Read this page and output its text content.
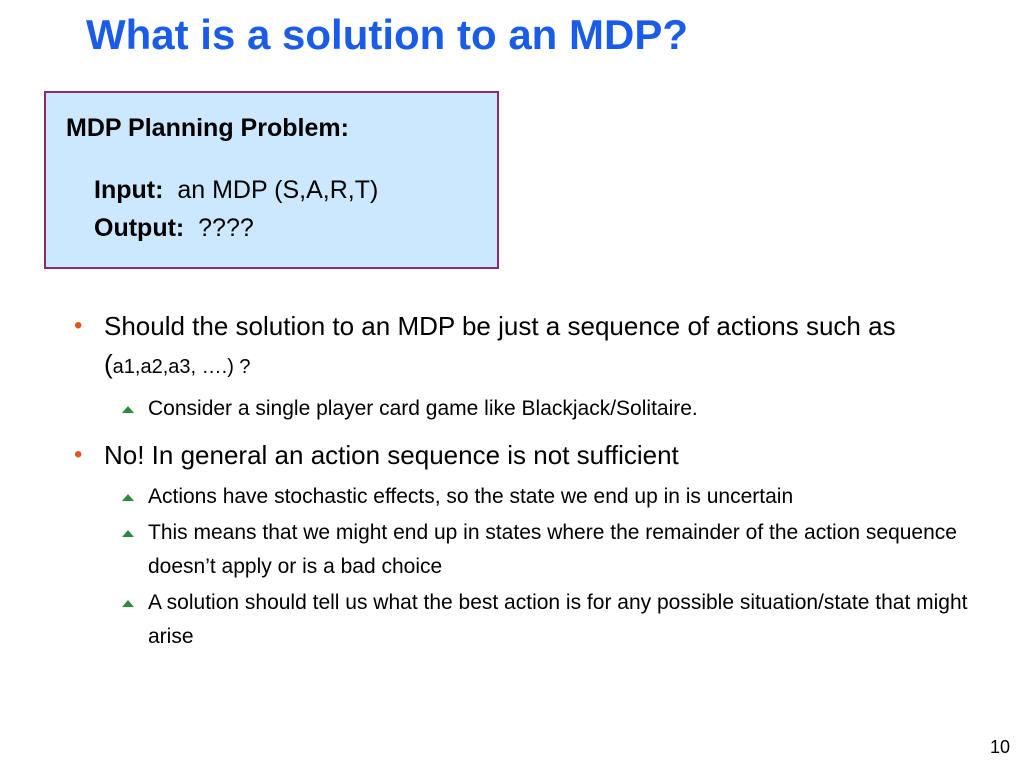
What is a solution to an MDP?
MDP Planning Problem:
Input: an MDP (S,A,R,T)
Output: ????
• Should the solution to an MDP be just a sequence of actions such as (a1,a2,a3, ….) ?
Consider a single player card game like Blackjack/Solitaire.
• No! In general an action sequence is not sufficient
Actions have stochastic effects, so the state we end up in is uncertain
This means that we might end up in states where the remainder of the action sequence doesn’t apply or is a bad choice
A solution should tell us what the best action is for any possible situation/state that might arise
10
